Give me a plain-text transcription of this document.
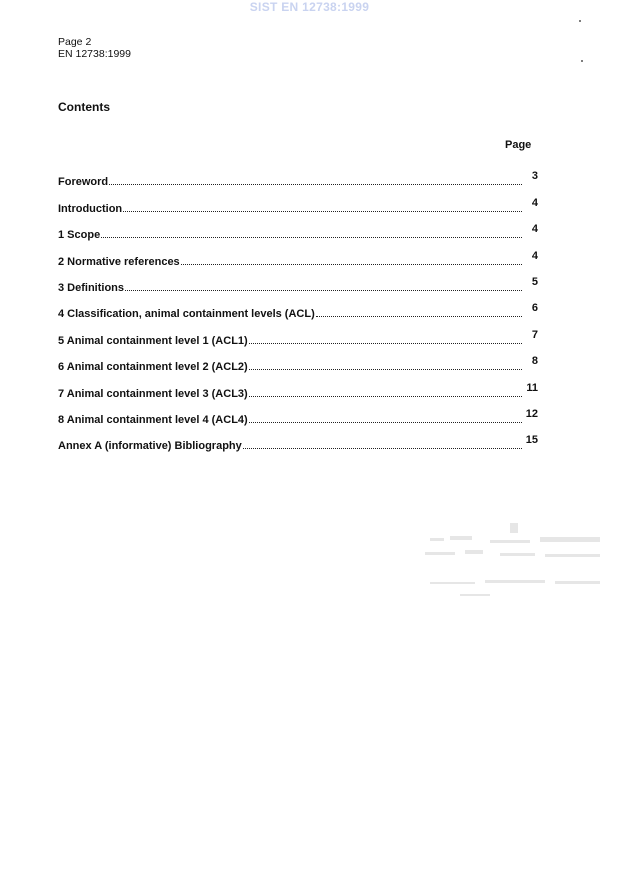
SIST EN 12738:1999
Page 2
EN 12738:1999
Contents
Page
Foreword	3
Introduction	4
1 Scope	4
2 Normative references	4
3 Definitions	5
4 Classification, animal containment levels (ACL)	6
5 Animal containment level 1 (ACL1)	7
6 Animal containment level 2 (ACL2)	8
7 Animal containment level 3 (ACL3)	11
8 Animal containment level 4 (ACL4)	12
Annex A (informative) Bibliography	15
